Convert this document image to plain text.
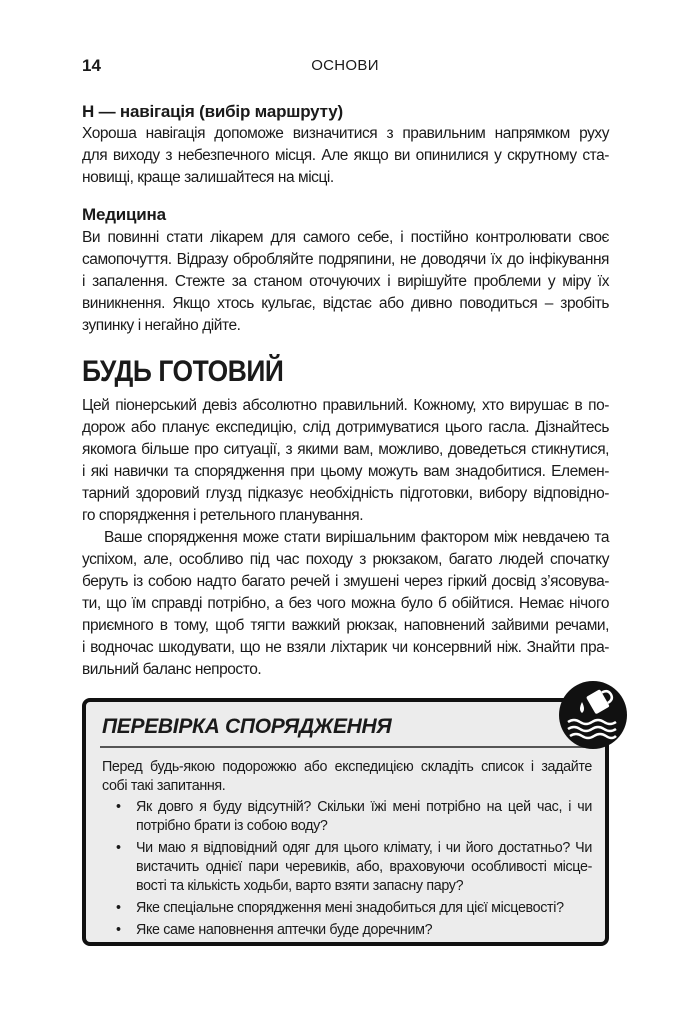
14	ОСНОВИ
Н — навігація (вибір маршруту)
Хороша навігація допоможе визначитися з правильним напрямком руху
для виходу з небезпечного місця. Але якщо ви опинилися у скрутному ста-
новищі, краще залишайтеся на місці.
Медицина
Ви повинні стати лікарем для самого себе, і постійно контролювати своє
самопочуття. Відразу обробляйте подряпини, не доводячи їх до інфікування
і запалення. Стежте за станом оточуючих і вирішуйте проблеми у міру їх
виникнення. Якщо хтось кульгає, відстає або дивно поводиться – зробіть
зупинку і негайно дійте.
БУДЬ ГОТОВИЙ
Цей піонерський девіз абсолютно правильний. Кожному, хто вирушає в по-
дорож або планує експедицію, слід дотримуватися цього гасла. Дізнайтесь
якомога більше про ситуації, з якими вам, можливо, доведеться стикнутися,
і які навички та спорядження при цьому можуть вам знадобитися. Елемен-
тарний здоровий глузд підказує необхідність підготовки, вибору відповідно-
го спорядження і ретельного планування.
Ваше спорядження може стати вирішальним фактором між невдачею та
успіхом, але, особливо під час походу з рюкзаком, багато людей спочатку
беруть із собою надто багато речей і змушені через гіркий досвід з’ясовува-
ти, що їм справді потрібно, а без чого можна було б обійтися. Немає нічого
приємного в тому, щоб тягти важкий рюкзак, наповнений зайвими речами,
і водночас шкодувати, що не взяли ліхтарик чи консервний ніж. Знайти пра-
вильний баланс непросто.
ПЕРЕВІРКА СПОРЯДЖЕННЯ
Перед будь-якою подорожжю або експедицією складіть список і задайте
собі такі запитання.
• Як довго я буду відсутній? Скільки їжі мені потрібно на цей час, і чи
потрібно брати із собою воду?
• Чи маю я відповідний одяг для цього клімату, і чи його достатньо? Чи
вистачить однієї пари черевиків, або, враховуючи особливості місце-
вості та кількість ходьби, варто взяти запасну пару?
• Яке спеціальне спорядження мені знадобиться для цієї місцевості?
• Яке саме наповнення аптечки буде доречним?
